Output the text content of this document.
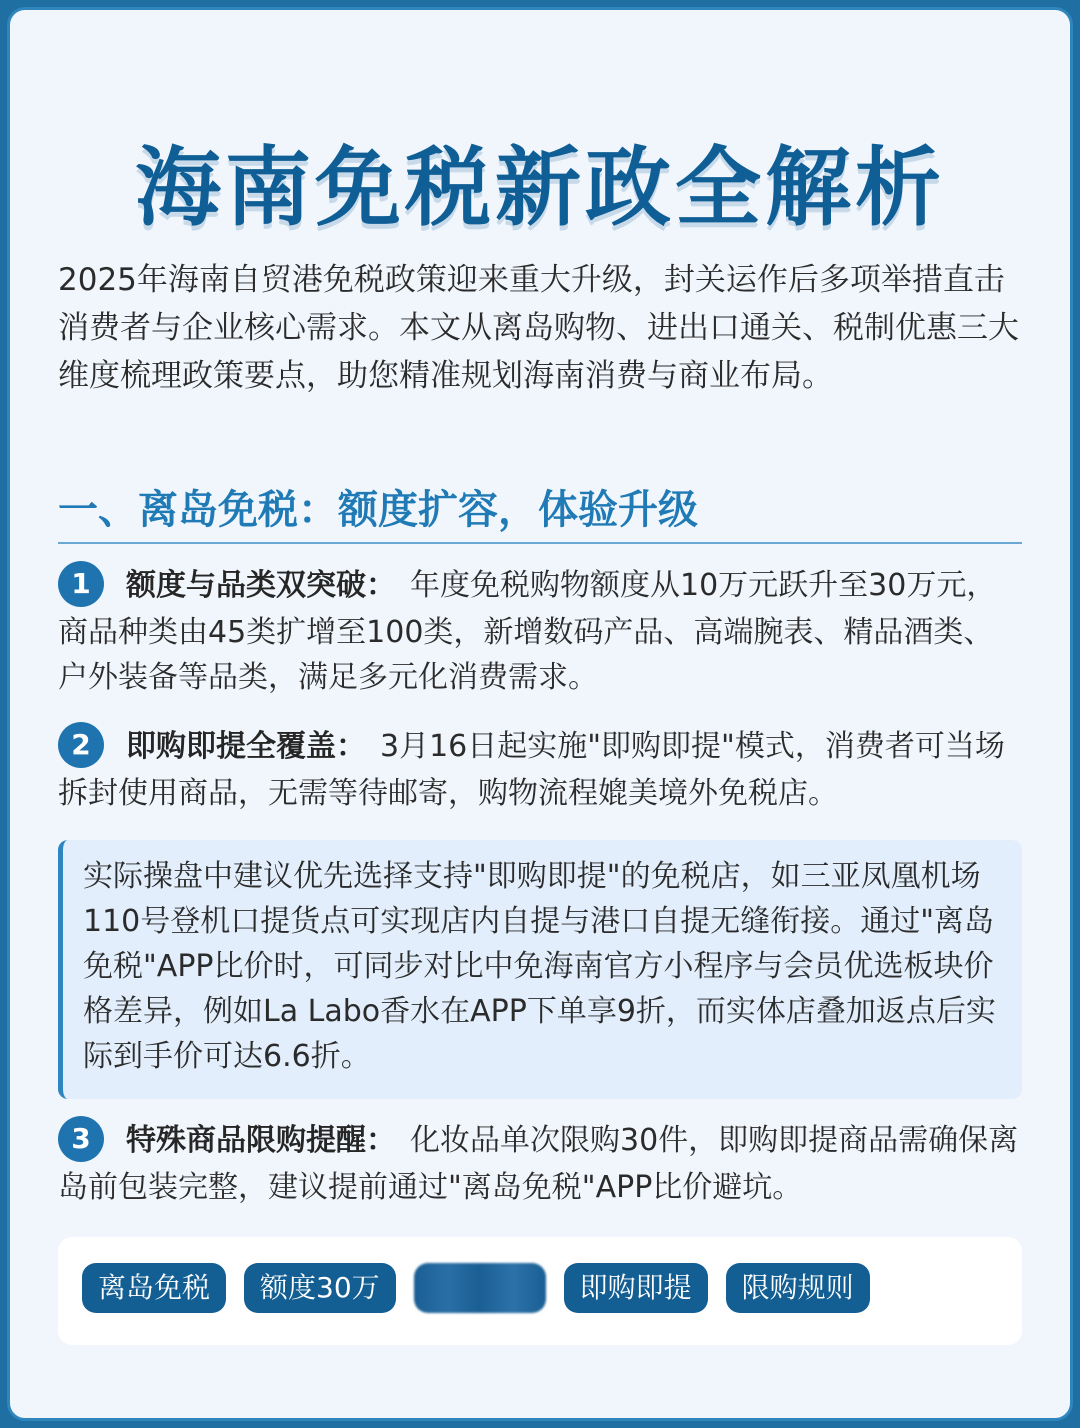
海南免税新政全解析

2025年海南自贸港免税政策迎来重大升级，封关运作后多项举措直击消费者与企业核心需求。本文从离岛购物、进出口通关、税制优惠三大维度梳理政策要点，助您精准规划海南消费与商业布局。

一、离岛免税：额度扩容，体验升级

1 额度与品类双突破： 年度免税购物额度从10万元跃升至30万元，商品种类由45类扩增至100类，新增数码产品、高端腕表、精品酒类、户外装备等品类，满足多元化消费需求。

2 即购即提全覆盖： 3月16日起实施"即购即提"模式，消费者可当场拆封使用商品，无需等待邮寄，购物流程媲美境外免税店。

实际操盘中建议优先选择支持"即购即提"的免税店，如三亚凤凰机场110号登机口提货点可实现店内自提与港口自提无缝衔接。通过"离岛免税"APP比价时，可同步对比中免海南官方小程序与会员优选板块价格差异，例如La Labo香水在APP下单享9折，而实体店叠加返点后实际到手价可达6.6折。

3 特殊商品限购提醒： 化妆品单次限购30件，即购即提商品需确保离岛前包装完整，建议提前通过"离岛免税"APP比价避坑。

离岛免税	额度30万	即购即提	限购规则
